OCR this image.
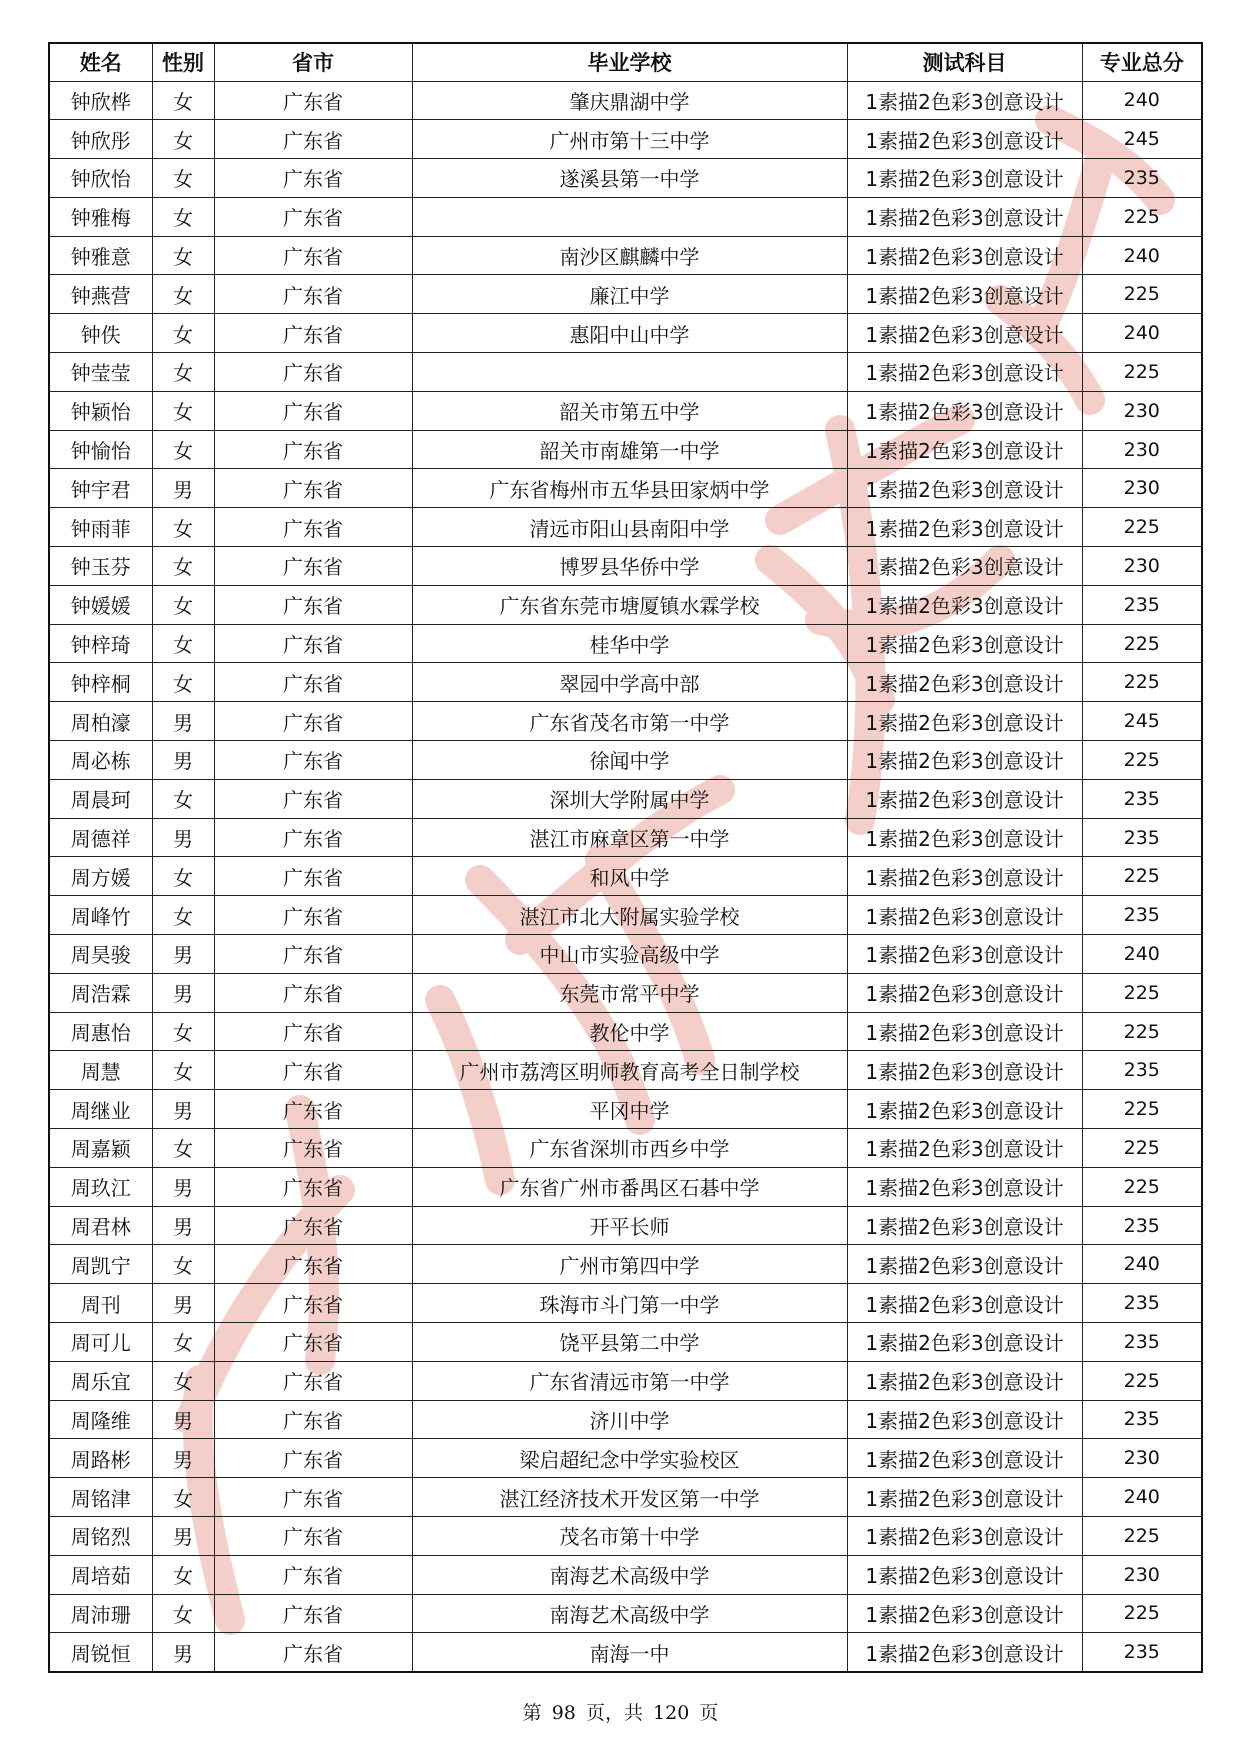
姓名	性别	省市	毕业学校	测试科目	专业总分
钟欣桦	女	广东省	肇庆鼎湖中学	1素描2色彩3创意设计	240
钟欣彤	女	广东省	广州市第十三中学	1素描2色彩3创意设计	245
钟欣怡	女	广东省	遂溪县第一中学	1素描2色彩3创意设计	235
钟雅梅	女	广东省		1素描2色彩3创意设计	225
钟雅意	女	广东省	南沙区麒麟中学	1素描2色彩3创意设计	240
钟燕营	女	广东省	廉江中学	1素描2色彩3创意设计	225
钟佚	女	广东省	惠阳中山中学	1素描2色彩3创意设计	240
钟莹莹	女	广东省		1素描2色彩3创意设计	225
钟颖怡	女	广东省	韶关市第五中学	1素描2色彩3创意设计	230
钟愉怡	女	广东省	韶关市南雄第一中学	1素描2色彩3创意设计	230
钟宇君	男	广东省	广东省梅州市五华县田家炳中学	1素描2色彩3创意设计	230
钟雨菲	女	广东省	清远市阳山县南阳中学	1素描2色彩3创意设计	225
钟玉芬	女	广东省	博罗县华侨中学	1素描2色彩3创意设计	230
钟媛媛	女	广东省	广东省东莞市塘厦镇水霖学校	1素描2色彩3创意设计	235
钟梓琦	女	广东省	桂华中学	1素描2色彩3创意设计	225
钟梓桐	女	广东省	翠园中学高中部	1素描2色彩3创意设计	225
周柏濠	男	广东省	广东省茂名市第一中学	1素描2色彩3创意设计	245
周必栋	男	广东省	徐闻中学	1素描2色彩3创意设计	225
周晨珂	女	广东省	深圳大学附属中学	1素描2色彩3创意设计	235
周德祥	男	广东省	湛江市麻章区第一中学	1素描2色彩3创意设计	235
周方媛	女	广东省	和风中学	1素描2色彩3创意设计	225
周峰竹	女	广东省	湛江市北大附属实验学校	1素描2色彩3创意设计	235
周昊骏	男	广东省	中山市实验高级中学	1素描2色彩3创意设计	240
周浩霖	男	广东省	东莞市常平中学	1素描2色彩3创意设计	225
周惠怡	女	广东省	教伦中学	1素描2色彩3创意设计	225
周慧	女	广东省	广州市荔湾区明师教育高考全日制学校	1素描2色彩3创意设计	235
周继业	男	广东省	平冈中学	1素描2色彩3创意设计	225
周嘉颖	女	广东省	广东省深圳市西乡中学	1素描2色彩3创意设计	225
周玖江	男	广东省	广东省广州市番禺区石碁中学	1素描2色彩3创意设计	225
周君林	男	广东省	开平长师	1素描2色彩3创意设计	235
周凯宁	女	广东省	广州市第四中学	1素描2色彩3创意设计	240
周刊	男	广东省	珠海市斗门第一中学	1素描2色彩3创意设计	235
周可儿	女	广东省	饶平县第二中学	1素描2色彩3创意设计	235
周乐宜	女	广东省	广东省清远市第一中学	1素描2色彩3创意设计	225
周隆维	男	广东省	济川中学	1素描2色彩3创意设计	235
周路彬	男	广东省	梁启超纪念中学实验校区	1素描2色彩3创意设计	230
周铭津	女	广东省	湛江经济技术开发区第一中学	1素描2色彩3创意设计	240
周铭烈	男	广东省	茂名市第十中学	1素描2色彩3创意设计	225
周培茹	女	广东省	南海艺术高级中学	1素描2色彩3创意设计	230
周沛珊	女	广东省	南海艺术高级中学	1素描2色彩3创意设计	225
周锐恒	男	广东省	南海一中	1素描2色彩3创意设计	235
第 98 页，共 120 页
